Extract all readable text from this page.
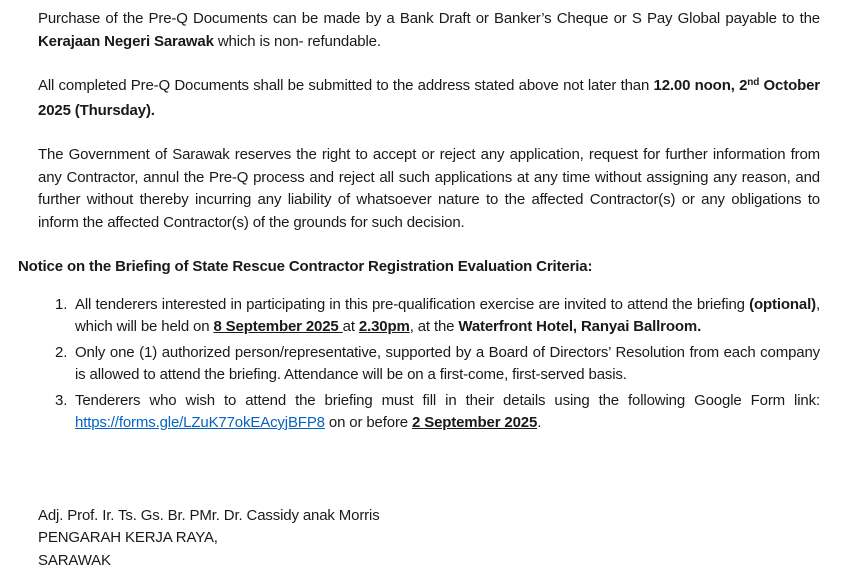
Purchase of the Pre-Q Documents can be made by a Bank Draft or Banker’s Cheque or S Pay Global payable to the Kerajaan Negeri Sarawak which is non- refundable.

All completed Pre-Q Documents shall be submitted to the address stated above not later than 12.00 noon, 2nd October 2025 (Thursday).

The Government of Sarawak reserves the right to accept or reject any application, request for further information from any Contractor, annul the Pre-Q process and reject all such applications at any time without assigning any reason, and further without thereby incurring any liability of whatsoever nature to the affected Contractor(s) or any obligations to inform the affected Contractor(s) of the grounds for such decision.

Notice on the Briefing of State Rescue Contractor Registration Evaluation Criteria:

1. All tenderers interested in participating in this pre-qualification exercise are invited to attend the briefing (optional), which will be held on 8 September 2025 at 2.30pm, at the Waterfront Hotel, Ranyai Ballroom.
2. Only one (1) authorized person/representative, supported by a Board of Directors’ Resolution from each company is allowed to attend the briefing. Attendance will be on a first-come, first-served basis.
3. Tenderers who wish to attend the briefing must fill in their details using the following Google Form link: https://forms.gle/LZuK77okEAcyjBFP8 on or before 2 September 2025.
Adj. Prof. Ir. Ts. Gs. Br. PMr. Dr. Cassidy anak Morris
PENGARAH KERJA RAYA,
SARAWAK
